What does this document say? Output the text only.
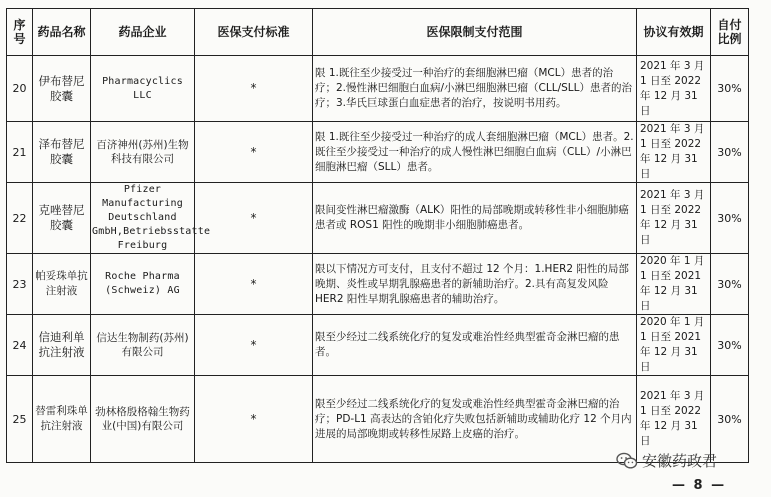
序号	药品名称	药品企业	医保支付标准	医保限制支付范围	协议有效期	自付比例
20	伊布替尼胶囊	Pharmacyclics LLC	*	限 1.既往至少接受过一种治疗的套细胞淋巴瘤（MCL）患者的治疗；2.慢性淋巴细胞白血病/小淋巴细胞淋巴瘤（CLL/SLL）患者的治疗；3.华氏巨球蛋白血症患者的治疗，按说明书用药。	2021 年 3 月 1 日至 2022 年 12 月 31 日	30%
21	泽布替尼胶囊	百济神州(苏州)生物科技有限公司	*	限 1.既往至少接受过一种治疗的成人套细胞淋巴瘤（MCL）患者。2.既往至少接受过一种治疗的成人慢性淋巴细胞白血病（CLL）/小淋巴细胞淋巴瘤（SLL）患者。	2021 年 3 月 1 日至 2022 年 12 月 31 日	30%
22	克唑替尼胶囊	Pfizer Manufacturing Deutschland GmbH,Betriebsstatte Freiburg	*	限间变性淋巴瘤激酶（ALK）阳性的局部晚期或转移性非小细胞肺癌患者或 ROS1 阳性的晚期非小细胞肺癌患者。	2021 年 3 月 1 日至 2022 年 12 月 31 日	30%
23	帕妥珠单抗注射液	Roche Pharma (Schweiz) AG	*	限以下情况方可支付，且支付不超过 12 个月：1.HER2 阳性的局部晚期、炎性或早期乳腺癌患者的新辅助治疗。2.具有高复发风险 HER2 阳性早期乳腺癌患者的辅助治疗。	2020 年 1 月 1 日至 2021 年 12 月 31 日	30%
24	信迪利单抗注射液	信达生物制药(苏州)有限公司	*	限至少经过二线系统化疗的复发或难治性经典型霍奇金淋巴瘤的患者。	2020 年 1 月 1 日至 2021 年 12 月 31 日	30%
25	替雷利珠单抗注射液	勃林格殷格翰生物药业(中国)有限公司	*	限至少经过二线系统化疗的复发或难治性经典型霍奇金淋巴瘤的治疗；PD-L1 高表达的含铂化疗失败包括新辅助或辅助化疗 12 个月内进展的局部晚期或转移性尿路上皮癌的治疗。	2021 年 3 月 1 日至 2022 年 12 月 31 日	30%
安徽药政君
— 8 —
